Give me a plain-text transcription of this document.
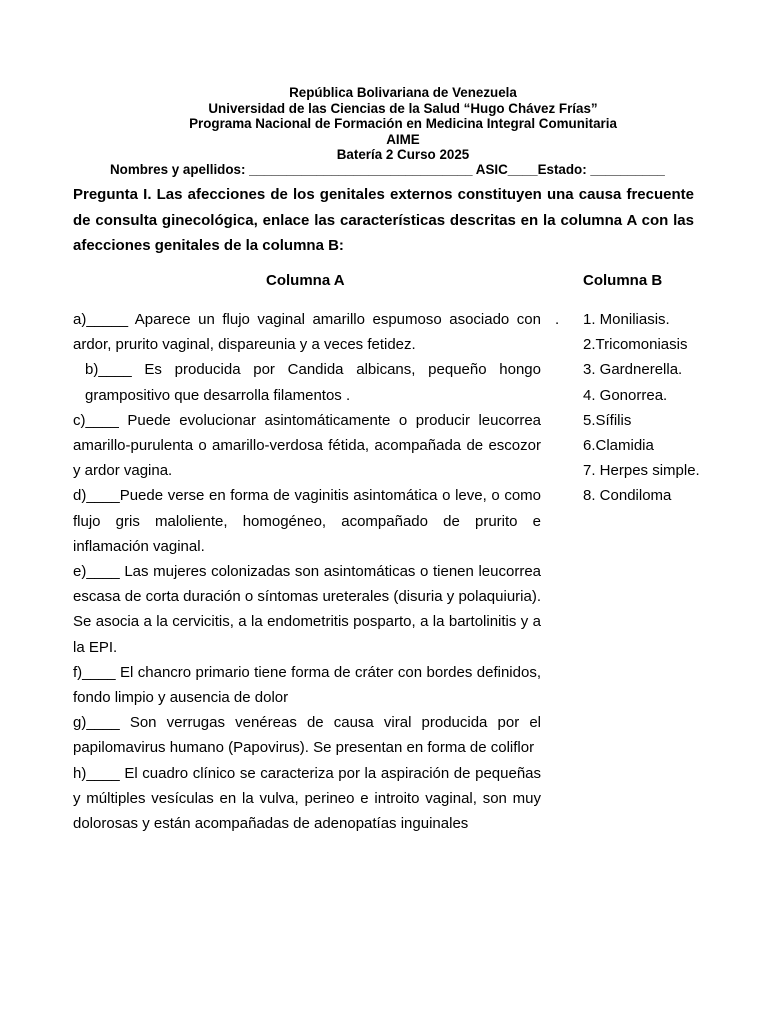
República Bolivariana de Venezuela
Universidad de las Ciencias de la Salud “Hugo Chávez Frías”
Programa Nacional de Formación en Medicina Integral Comunitaria
AIME
Batería 2 Curso 2025
Nombres y apellidos: ______________________________ ASIC____Estado: __________
Pregunta I. Las afecciones de los genitales externos constituyen una causa frecuente de consulta ginecológica, enlace las características descritas en la columna A con las afecciones genitales de la columna B:
Columna A	Columna B

a)_____ Aparece un flujo vaginal amarillo espumoso asociado con ardor, prurito vaginal, dispareunia y a veces fetidez.

b)____ Es producida por Candida albicans, pequeño hongo grampositivo que desarrolla filamentos .

c)____ Puede evolucionar asintomáticamente o producir leucorrea amarillo-purulenta o amarillo-verdosa fétida, acompañada de escozor y ardor vagina.

d)____Puede verse en forma de vaginitis asintomática o leve, o como flujo gris maloliente, homogéneo, acompañado de prurito e inflamación vaginal.

e)____ Las mujeres colonizadas son asintomáticas o tienen leucorrea escasa de corta duración o síntomas ureterales (disuria y polaquiuria). Se asocia a la cervicitis, a la endometritis posparto, a la bartolinitis y a la EPI.

f)____ El chancro primario tiene forma de cráter con bordes definidos, fondo limpio y ausencia de dolor

g)____ Son verrugas venéreas de causa viral producida por el papilomavirus humano (Papovirus). Se presentan en forma de coliflor

h)____ El cuadro clínico se caracteriza por la aspiración de pequeñas y múltiples vesículas en la vulva, perineo e introito vaginal, son muy dolorosas y están acompañadas de adenopatías inguinales

. 1. Moniliasis.
2.Tricomoniasis
3. Gardnerella.
4. Gonorrea.
5.Sífilis
6.Clamidia
7. Herpes simple.
8. Condiloma
